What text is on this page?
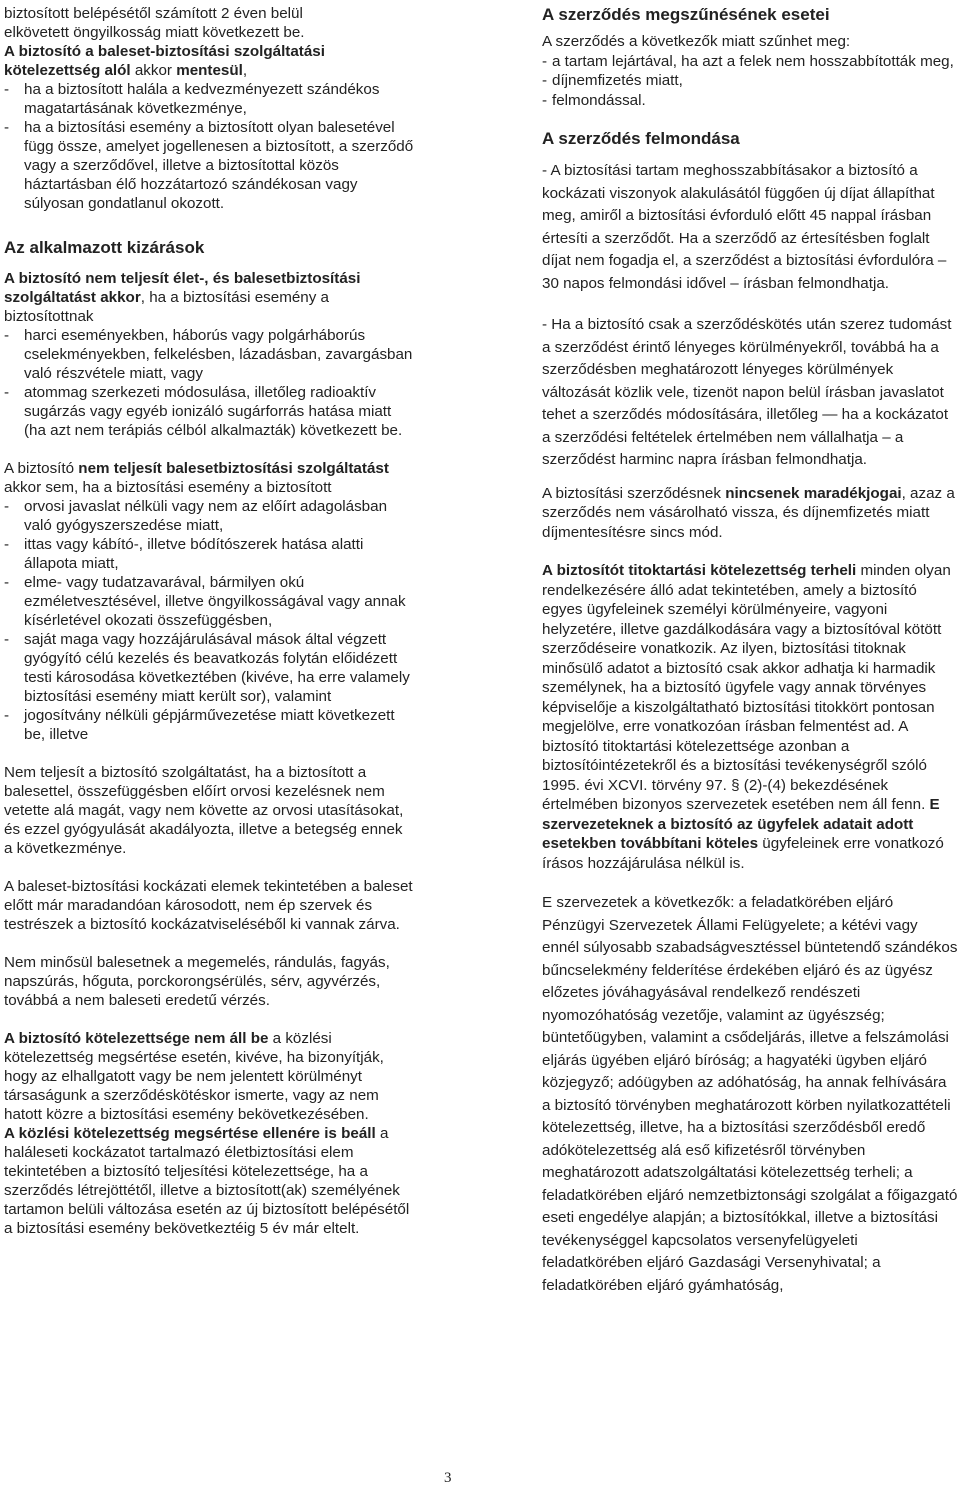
biztosított belépésétől számított 2 éven belül
elkövetett öngyilkosság miatt következett be.

A biztosító a baleset-biztosítási szolgáltatási kötelezettség alól akkor mentesül,

- ha a biztosított halála a kedvezményezett szándékos magatartásának következménye,

- ha a biztosítási esemény a biztosított olyan balesetével függ össze, amelyet jogellenesen a biztosított, a szerződő vagy a szerződővel, illetve a biztosítottal közös háztartásban élő hozzátartozó szándékosan vagy súlyosan gondatlanul okozott.

Az alkalmazott kizárások

A biztosító nem teljesít élet-, és balesetbiztosítási szolgáltatást akkor, ha a biztosítási esemény a biztosítottnak

- harci eseményekben, háborús vagy polgárháborús cselekményekben, felkelésben, lázadásban, zavargásban való részvétele miatt, vagy

- atommag szerkezeti módosulása, illetőleg radioaktív sugárzás vagy egyéb ionizáló sugárforrás hatása miatt (ha azt nem terápiás célból alkalmazták) következett be.

A biztosító nem teljesít balesetbiztosítási szolgáltatást akkor sem, ha a biztosítási esemény a biztosított

- orvosi javaslat nélküli vagy nem az előírt adagolásban való gyógyszerszedése miatt,

- ittas vagy kábító-, illetve bódítószerek hatása alatti állapota miatt,

- elme- vagy tudatzavarával, bármilyen okú ezméletvesztésével, illetve öngyilkosságával vagy annak kísérletével okozati összefüggésben,

- saját maga vagy hozzájárulásával mások által végzett gyógyító célú kezelés és beavatkozás folytán előidézett testi károsodása következtében (kivéve, ha erre valamely biztosítási esemény miatt került sor), valamint

- jogosítvány nélküli gépjárművezetése miatt következett be, illetve

Nem teljesít a biztosító szolgáltatást, ha a biztosított a balesettel, összefüggésben előírt orvosi kezelésnek nem vetette alá magát, vagy nem követte az orvosi utasításokat, és ezzel gyógyulását akadályozta, illetve a betegség ennek a következménye.

A baleset-biztosítási kockázati elemek tekintetében a baleset előtt már maradandóan károsodott, nem ép szervek és testrészek a biztosító kockázatviseléséből ki vannak zárva.

Nem minősül balesetnek a megemelés, rándulás, fagyás, napszúrás, hőguta, porckorongsérülés, sérv, agyvérzés, továbbá a nem baleseti eredetű vérzés.

A biztosító kötelezettsége nem áll be a közlési kötelezettség megsértése esetén, kivéve, ha bizonyítják, hogy az elhallgatott vagy be nem jelentett körülményt társaságunk a szerződéskötéskor ismerte, vagy az nem hatott közre a biztosítási esemény bekövetkezésében.

A közlési kötelezettség megsértése ellenére is beáll a haláleseti kockázatot tartalmazó életbiztosítási elem tekintetében a biztosító teljesítési kötelezettsége, ha a szerződés létrejöttétől, illetve a biztosított(ak) személyének tartamon belüli változása esetén az új biztosított belépésétől a biztosítási esemény bekövetkeztéig 5 év már eltelt.

A szerződés megszűnésének esetei

A szerződés a következők miatt szűnhet meg:

- a tartam lejártával, ha azt a felek nem hosszabbították meg,

- díjnemfizetés miatt,

- felmondással.

A szerződés felmondása

- A biztosítási tartam meghosszabbításakor a biztosító a kockázati viszonyok alakulásától függően új díjat állapíthat meg, amiről a biztosítási évforduló előtt 45 nappal írásban értesíti a szerződőt. Ha a szerződő az értesítésben foglalt díjat nem fogadja el, a szerződést a biztosítási évfordulóra – 30 napos felmondási idővel – írásban felmondhatja.

- Ha a biztosító csak a szerződéskötés után szerez tudomást a szerződést érintő lényeges körülményekről, továbbá ha a szerződésben meghatározott lényeges körülmények változását közlik vele, tizenöt napon belül írásban javaslatot tehet a szerződés módosítására, illetőleg — ha a kockázatot a szerződési feltételek értelmében nem vállalhatja – a szerződést harminc napra írásban felmondhatja.

A biztosítási szerződésnek nincsenek maradékjogai, azaz a szerződés nem vásárolható vissza, és díjnemfizetés miatt díjmentesítésre sincs mód.

A biztosítót titoktartási kötelezettség terheli minden olyan rendelkezésére álló adat tekintetében, amely a biztosító egyes ügyfeleinek személyi körülményeire, vagyoni helyzetére, illetve gazdálkodására vagy a biztosítóval kötött szerződéseire vonatkozik. Az ilyen, biztosítási titoknak minősülő adatot a biztosító csak akkor adhatja ki harmadik személynek, ha a biztosító ügyfele vagy annak törvényes képviselője a kiszolgáltatható biztosítási titokkört pontosan megjelölve, erre vonatkozóan írásban felmentést ad. A biztosító titoktartási kötelezettsége azonban a biztosítóintézetekről és a biztosítási tevékenységről szóló 1995. évi XCVI. törvény 97. § (2)-(4) bekezdésének értelmében bizonyos szervezetek esetében nem áll fenn. E szervezeteknek a biztosító az ügyfelek adatait adott esetekben továbbítani köteles ügyfeleinek erre vonatkozó írásos hozzájárulása nélkül is.

E szervezetek a következők: a feladatkörében eljáró Pénzügyi Szervezetek Állami Felügyelete; a kétévi vagy ennél súlyosabb szabadságvesztéssel büntetendő szándékos bűncselekmény felderítése érdekében eljáró és az ügyész előzetes jóváhagyásával rendelkező rendészeti nyomozóhatóság vezetője, valamint az ügyészség; büntetőügyben, valamint a csődeljárás, illetve a felszámolási eljárás ügyében eljáró bíróság; a hagyatéki ügyben eljáró közjegyző; adóügyben az adóhatóság, ha annak felhívására a biztosító törvényben meghatározott körben nyilatkozattételi kötelezettség, illetve, ha a biztosítási szerződésből eredő adókötelezettség alá eső kifizetésről törvényben meghatározott adatszolgáltatási kötelezettség terheli; a feladatkörében eljáró nemzetbiztonsági szolgálat a főigazgató eseti engedélye alapján; a biztosítókkal, illetve a biztosítási tevékenységgel kapcsolatos versenyfelügyeleti feladatkörében eljáró Gazdasági Versenyhivatal; a feladatkörében eljáró gyámhatóság,

3
